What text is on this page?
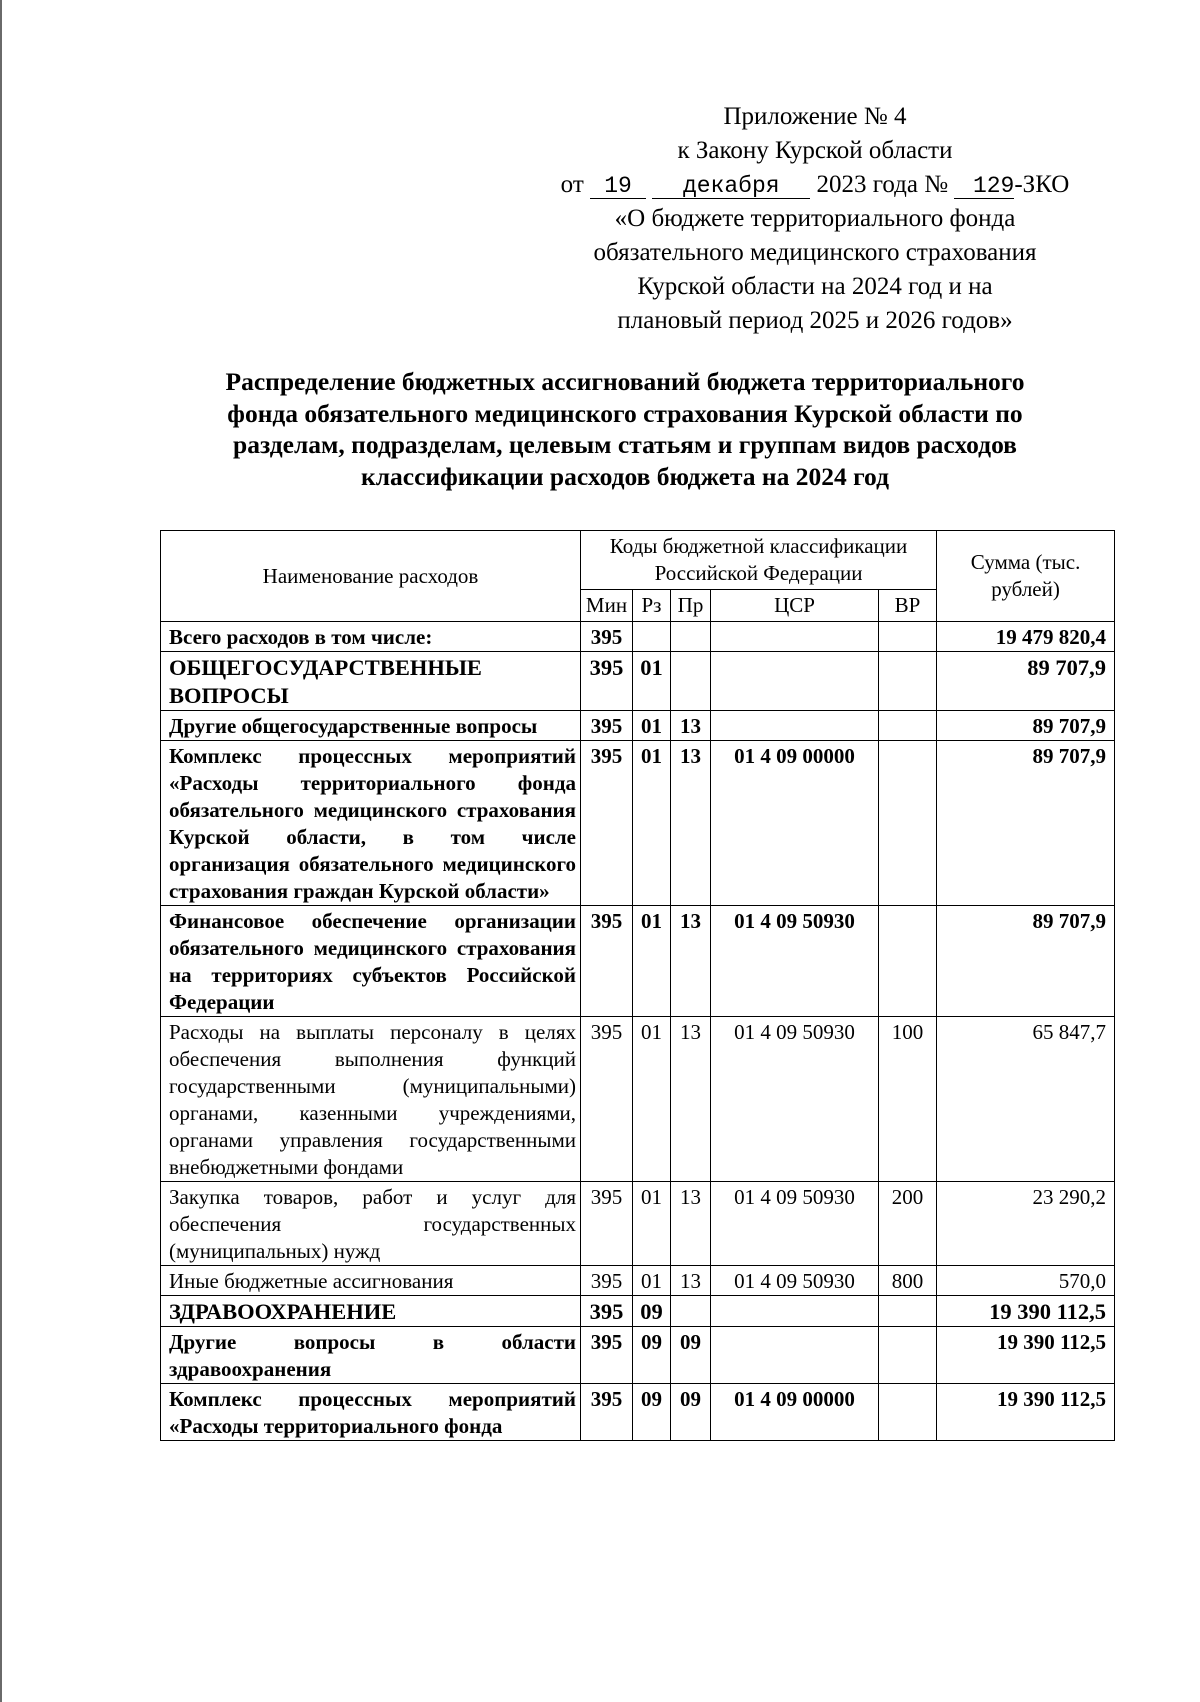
Приложение № 4
к Закону Курской области
от 19 декабря 2023 года № 129-ЗКО
«О бюджете территориального фонда
обязательного медицинского страхования
Курской области на 2024 год и на
плановый период 2025 и 2026 годов»
Распределение бюджетных ассигнований бюджета территориального
фонда обязательного медицинского страхования Курской области по
разделам, подразделам, целевым статьям и группам видов расходов
классификации расходов бюджета на 2024 год
Наименование расходов	Коды бюджетной классификации Российской Федерации					Сумма (тыс. рублей)
	Мин	Рз	Пр	ЦСР	ВР	
Всего расходов в том числе:	395					19 479 820,4
ОБЩЕГОСУДАРСТВЕННЫЕ ВОПРОСЫ	395	01				89 707,9
Другие общегосударственные вопросы	395	01	13			89 707,9
Комплекс процессных мероприятий «Расходы территориального фонда обязательного медицинского страхования Курской области, в том числе организация обязательного медицинского страхования граждан Курской области»	395	01	13	01 4 09 00000		89 707,9
Финансовое обеспечение организации обязательного медицинского страхования на территориях субъектов Российской Федерации	395	01	13	01 4 09 50930		89 707,9
Расходы на выплаты персоналу в целях обеспечения выполнения функций государственными (муниципальными) органами, казенными учреждениями, органами управления государственными внебюджетными фондами	395	01	13	01 4 09 50930	100	65 847,7
Закупка товаров, работ и услуг для обеспечения государственных (муниципальных) нужд	395	01	13	01 4 09 50930	200	23 290,2
Иные бюджетные ассигнования	395	01	13	01 4 09 50930	800	570,0
ЗДРАВООХРАНЕНИЕ	395	09				19 390 112,5
Другие вопросы в области здравоохранения	395	09	09			19 390 112,5
Комплекс процессных мероприятий «Расходы территориального фонда	395	09	09	01 4 09 00000		19 390 112,5
